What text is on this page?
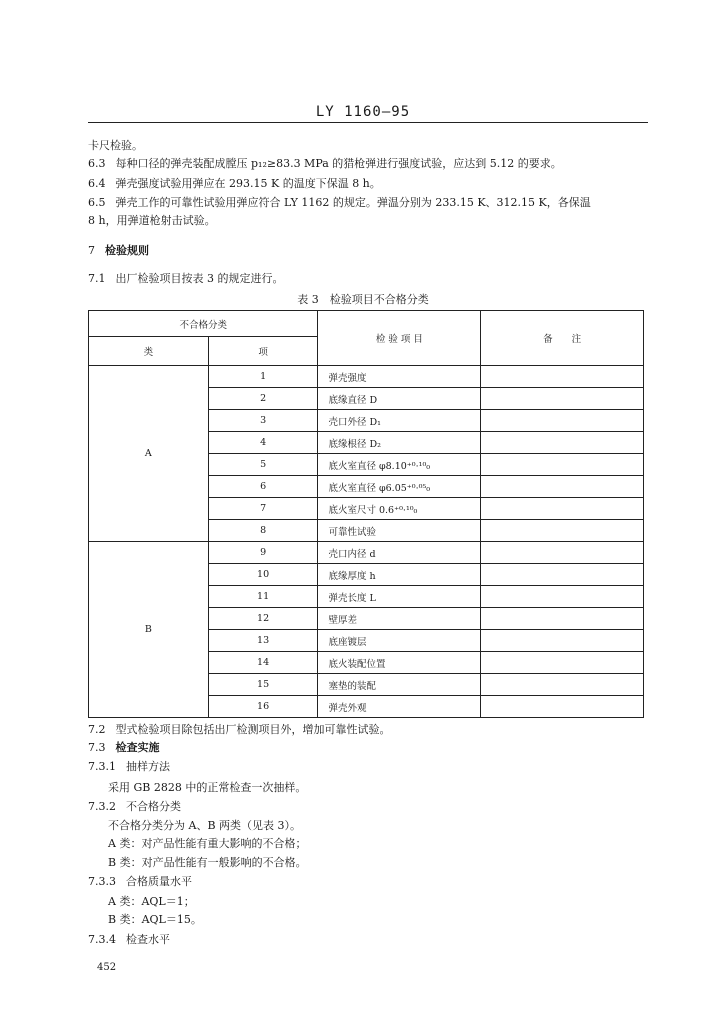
LY 1160—95
卡尺检验。
6.3 每种口径的弹壳装配成膛压 p₁₂≥83.3 MPa 的猎枪弹进行强度试验，应达到 5.12 的要求。
6.4 弹壳强度试验用弹应在 293.15 K 的温度下保温 8 h。
6.5 弹壳工作的可靠性试验用弹应符合 LY 1162 的规定。弹温分别为 233.15 K、312.15 K，各保温
8 h，用弹道枪射击试验。
7 检验规则
7.1 出厂检验项目按表 3 的规定进行。
表 3　检验项目不合格分类
不合格分类		检 验 项 目	备　　注
类	项		
A	1	弹壳强度	
	2	底缘直径 D	
	3	壳口外径 D₁	
	4	底缘根径 D₂	
	5	底火室直径 φ8.10⁺⁰·¹⁰₀	
	6	底火室直径 φ6.05⁺⁰·⁰⁵₀	
	7	底火室尺寸 0.6⁺⁰·¹⁰₀	
	8	可靠性试验	
B	9	壳口内径 d	
	10	底缘厚度 h	
	11	弹壳长度 L	
	12	壁厚差	
	13	底座镀层	
	14	底火装配位置	
	15	塞垫的装配	
	16	弹壳外观	
7.2 型式检验项目除包括出厂检测项目外，增加可靠性试验。
7.3 检查实施
7.3.1 抽样方法
采用 GB 2828 中的正常检查一次抽样。
7.3.2 不合格分类
不合格分类分为 A、B 两类（见表 3）。
A 类：对产品性能有重大影响的不合格；
B 类：对产品性能有一般影响的不合格。
7.3.3 合格质量水平
A 类：AQL＝1；
B 类：AQL＝15。
7.3.4 检查水平
452
